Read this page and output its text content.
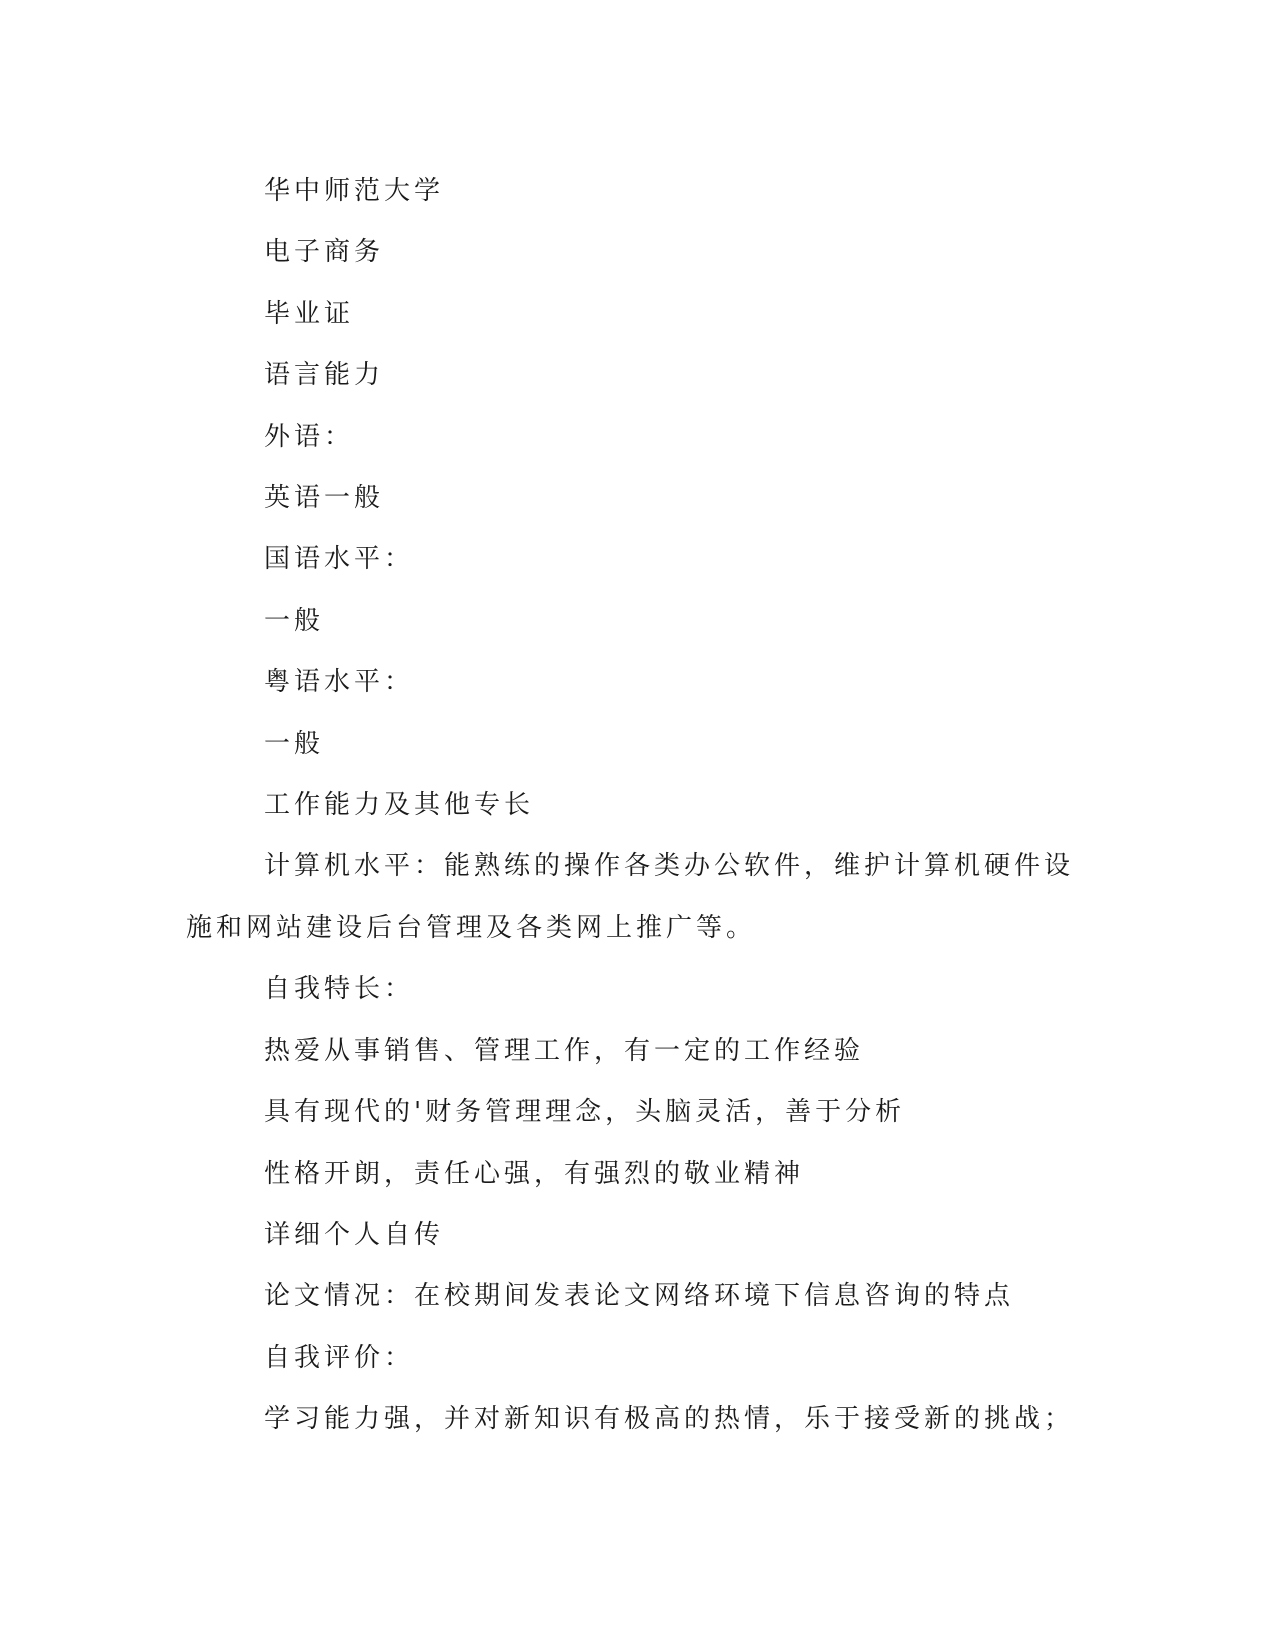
华中师范大学

电子商务

毕业证

语言能力

外语：

英语一般

国语水平：

一般

粤语水平：

一般

工作能力及其他专长

计算机水平：能熟练的操作各类办公软件，维护计算机硬件设施和网站建设后台管理及各类网上推广等。

自我特长：

热爱从事销售、管理工作，有一定的工作经验

具有现代的'财务管理理念，头脑灵活，善于分析

性格开朗，责任心强，有强烈的敬业精神

详细个人自传

论文情况：在校期间发表论文网络环境下信息咨询的特点

自我评价：

学习能力强，并对新知识有极高的热情，乐于接受新的挑战；
